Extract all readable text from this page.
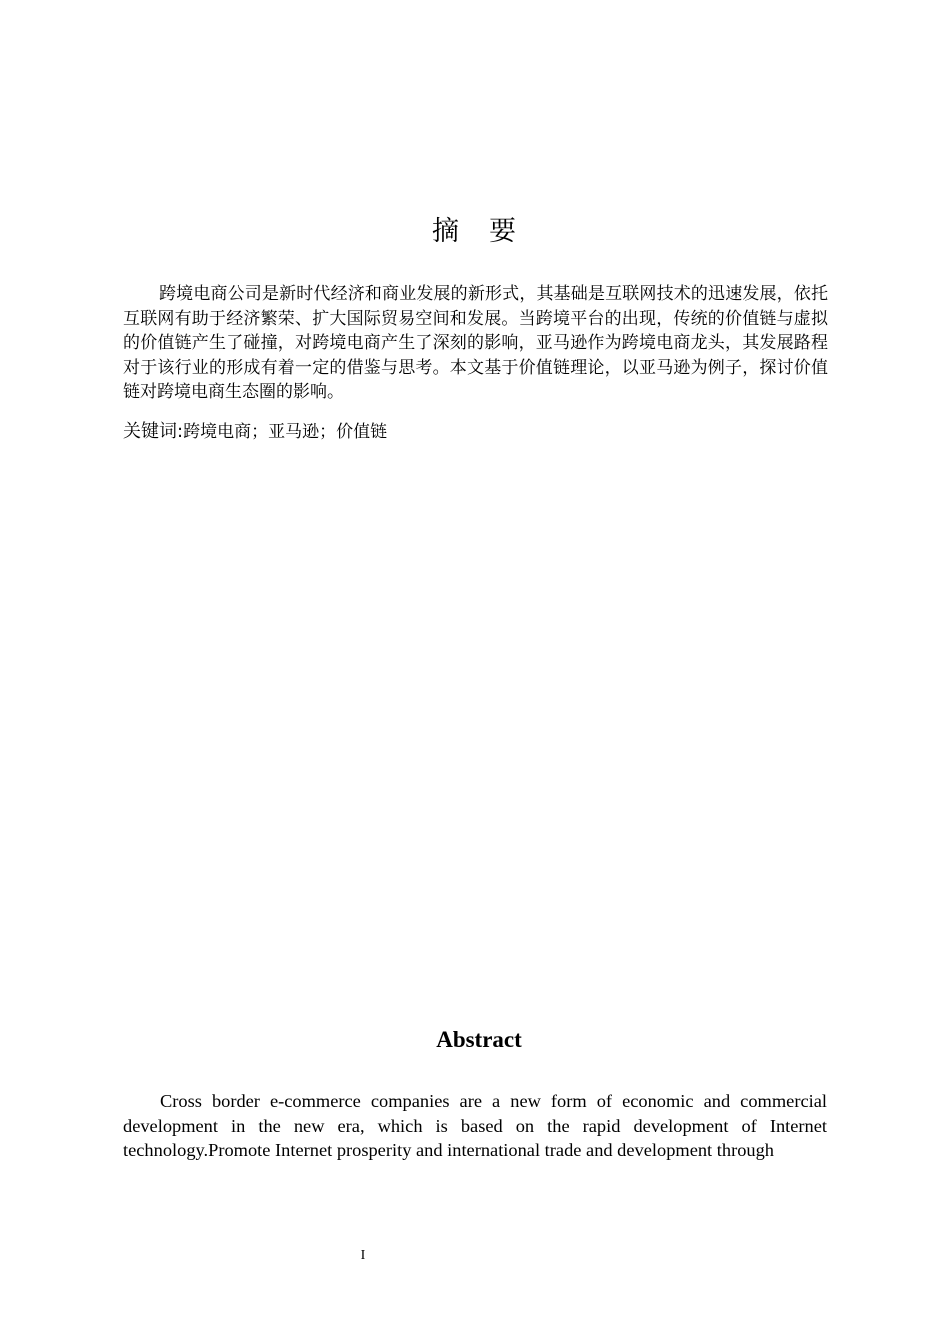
摘要

跨境电商公司是新时代经济和商业发展的新形式，其基础是互联网技术的迅速发展，依托互联网有助于经济繁荣、扩大国际贸易空间和发展。当跨境平台的出现，传统的价值链与虚拟的价值链产生了碰撞，对跨境电商产生了深刻的影响，亚马逊作为跨境电商龙头，其发展路程对于该行业的形成有着一定的借鉴与思考。本文基于价值链理论，以亚马逊为例子，探讨价值链对跨境电商生态圈的影响。

关键词:跨境电商；亚马逊；价值链

Abstract

Cross border e-commerce companies are a new form of economic and commercial development in the new era, which is based on the rapid development of Internet technology.Promote Internet prosperity and international trade and development through

I
